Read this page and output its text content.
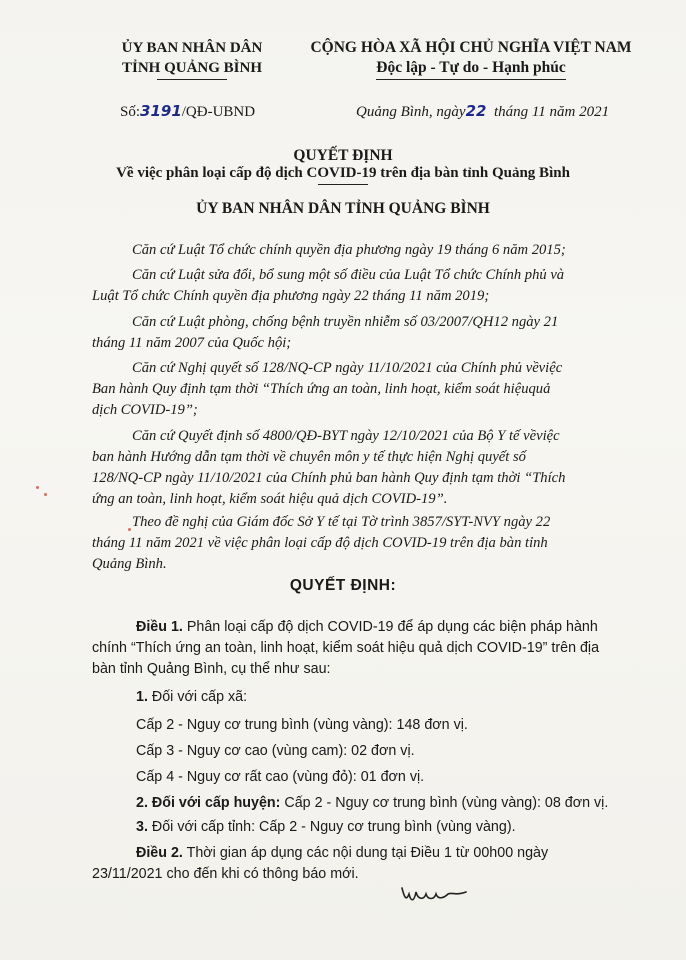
ỦY BAN NHÂN DÂN
TỈNH QUẢNG BÌNH
CỘNG HÒA XÃ HỘI CHỦ NGHĨA VIỆT NAM
Độc lập - Tự do - Hạnh phúc
Số:3191/QĐ-UBND	Quảng Bình, ngày22 tháng 11 năm 2021
QUYẾT ĐỊNH
Về việc phân loại cấp độ dịch COVID-19 trên địa bàn tỉnh Quảng Bình
ỦY BAN NHÂN DÂN TỈNH QUẢNG BÌNH
Căn cứ Luật Tổ chức chính quyền địa phương ngày 19 tháng 6 năm 2015;
Căn cứ Luật sửa đổi, bổ sung một số điều của Luật Tổ chức Chính phủ và
Luật Tổ chức Chính quyền địa phương ngày 22 tháng 11 năm 2019;
Căn cứ Luật phòng, chống bệnh truyền nhiễm số 03/2007/QH12 ngày 21
tháng 11 năm 2007 của Quốc hội;
Căn cứ Nghị quyết số 128/NQ-CP ngày 11/10/2021 của Chính phủ vềviệc
Ban hành Quy định tạm thời “Thích ứng an toàn, linh hoạt, kiểm soát hiệuquả
dịch COVID-19”;
Căn cứ Quyết định số 4800/QĐ-BYT ngày 12/10/2021 của Bộ Y tế vềviệc
ban hành Hướng dẫn tạm thời về chuyên môn y tế thực hiện Nghị quyết số
128/NQ-CP ngày 11/10/2021 của Chính phủ ban hành Quy định tạm thời “Thích
ứng an toàn, linh hoạt, kiểm soát hiệu quả dịch COVID-19”.
Theo đề nghị của Giám đốc Sở Y tế tại Tờ trình 3857/SYT-NVY ngày 22
tháng 11 năm 2021 về việc phân loại cấp độ dịch COVID-19 trên địa bàn tỉnh
QUYẾT ĐỊNH:
Điều 1. Phân loại cấp độ dịch COVID-19 để áp dụng các biện pháp hành
chính “Thích ứng an toàn, linh hoạt, kiểm soát hiệu quả dịch COVID-19” trên địa
bàn tỉnh Quảng Bình, cụ thể như sau:
1. Đối với cấp xã:
Cấp 2 - Nguy cơ trung bình (vùng vàng): 148 đơn vị.
Cấp 3 - Nguy cơ cao (vùng cam): 02 đơn vị.
Cấp 4 - Nguy cơ rất cao (vùng đỏ): 01 đơn vị.
2. Đối với cấp huyện: Cấp 2 - Nguy cơ trung bình (vùng vàng): 08 đơn vị.
3. Đối với cấp tỉnh: Cấp 2 - Nguy cơ trung bình (vùng vàng).
Điều 2. Thời gian áp dụng các nội dung tại Điều 1 từ 00h00 ngày
23/11/2021 cho đến khi có thông báo mới.
Quảng Bình.
